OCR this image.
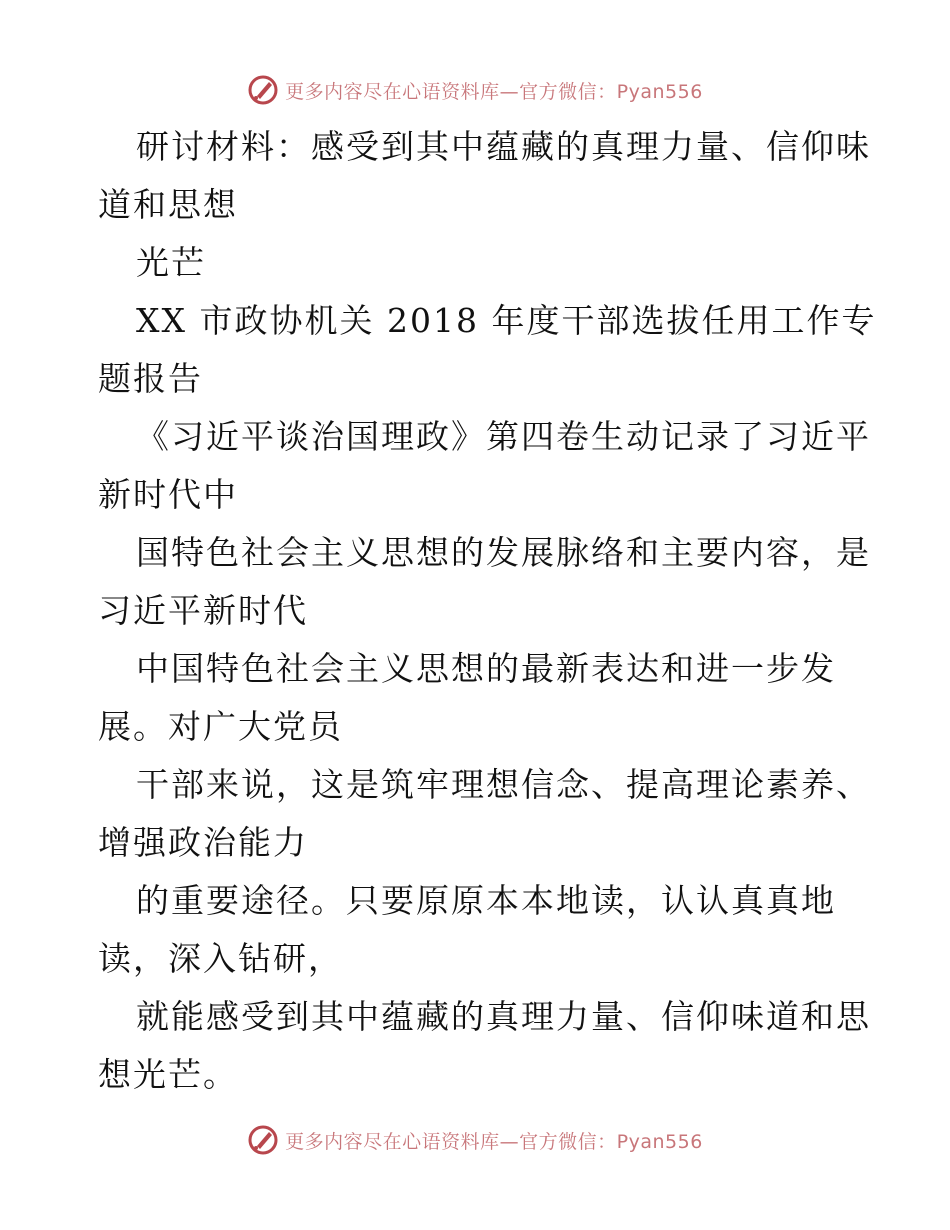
更多内容尽在心语资料库—官方微信：Pyan556

研讨材料：感受到其中蕴藏的真理力量、信仰味
道和思想

光芒

XX 市政协机关 2018 年度干部选拔任用工作专
题报告

《习近平谈治国理政》第四卷生动记录了习近平
新时代中

国特色社会主义思想的发展脉络和主要内容，是
习近平新时代

中国特色社会主义思想的最新表达和进一步发
展。对广大党员

干部来说，这是筑牢理想信念、提高理论素养、
增强政治能力

的重要途径。只要原原本本地读，认认真真地
读，深入钻研，

就能感受到其中蕴藏的真理力量、信仰味道和思
想光芒。

更多内容尽在心语资料库—官方微信：Pyan556
